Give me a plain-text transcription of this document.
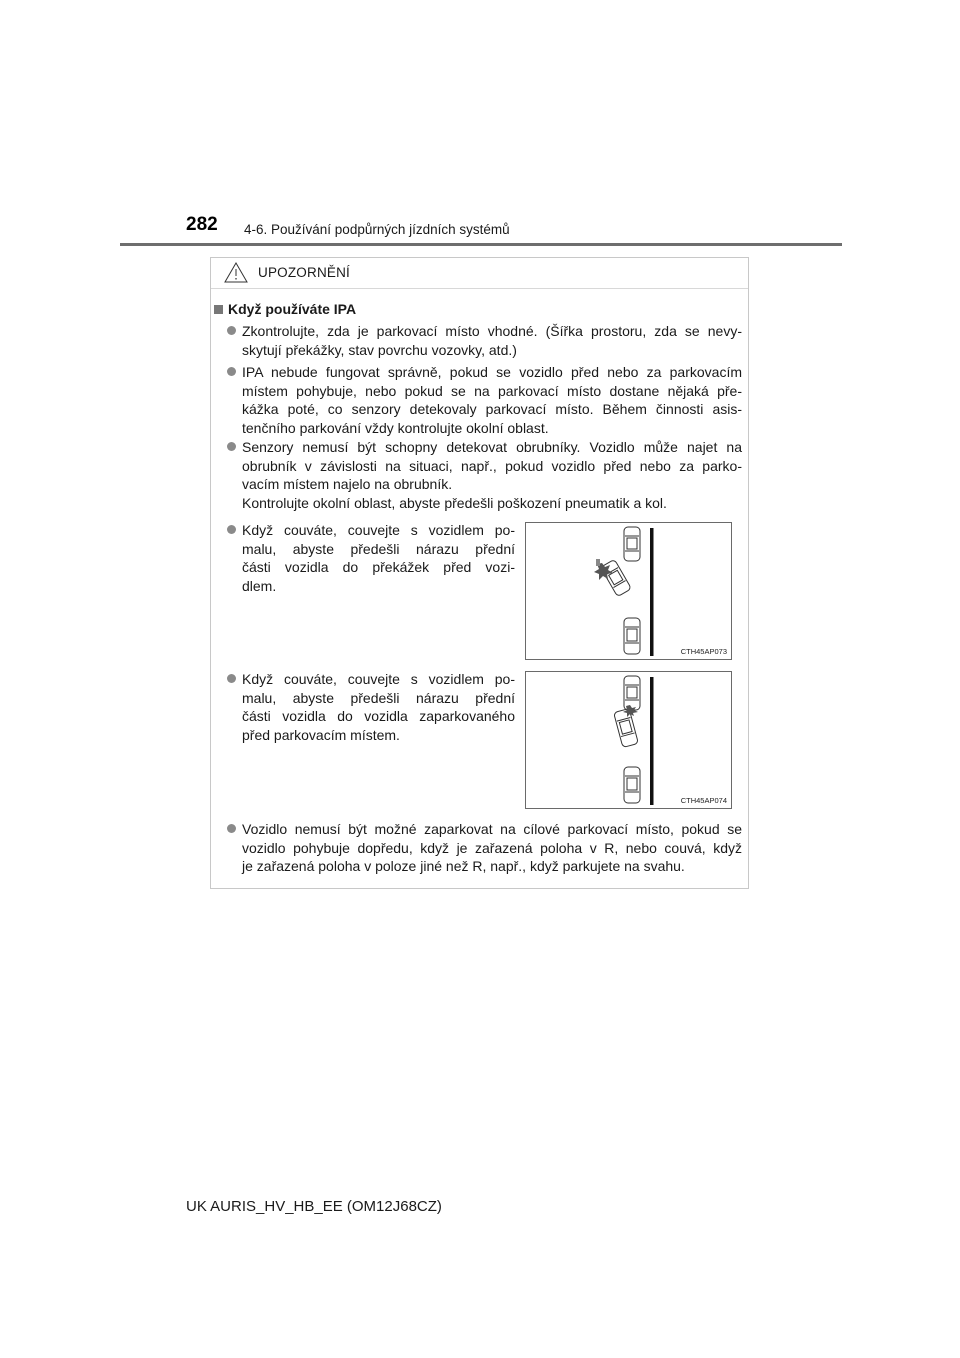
282 4-6. Používání podpůrných jízdních systémů
UPOZORNĚNÍ
Když používáte IPA
Zkontrolujte, zda je parkovací místo vhodné. (Šířka prostoru, zda se nevy-
skytují překážky, stav povrchu vozovky, atd.)
IPA nebude fungovat správně, pokud se vozidlo před nebo za parkovacím
místem pohybuje, nebo pokud se na parkovací místo dostane nějaká pře-
kážka poté, co senzory detekovaly parkovací místo. Během činnosti asis-
tenčního parkování vždy kontrolujte okolní oblast.
Senzory nemusí být schopny detekovat obrubníky. Vozidlo může najet na
obrubník v závislosti na situaci, např., pokud vozidlo před nebo za parko-
vacím místem najelo na obrubník.
Kontrolujte okolní oblast, abyste předešli poškození pneumatik a kol.
Když couváte, couvejte s vozidlem po-
malu, abyste předešli nárazu přední
části vozidla do překážek před vozi-
dlem.
CTH45AP073
Když couváte, couvejte s vozidlem po-
malu, abyste předešli nárazu přední
části vozidla do vozidla zaparkovaného
před parkovacím místem.
CTH45AP074
Vozidlo nemusí být možné zaparkovat na cílové parkovací místo, pokud se
vozidlo pohybuje dopředu, když je zařazená poloha v R, nebo couvá, když
je zařazená poloha v poloze jiné než R, např., když parkujete na svahu.
UK AURIS_HV_HB_EE (OM12J68CZ)
